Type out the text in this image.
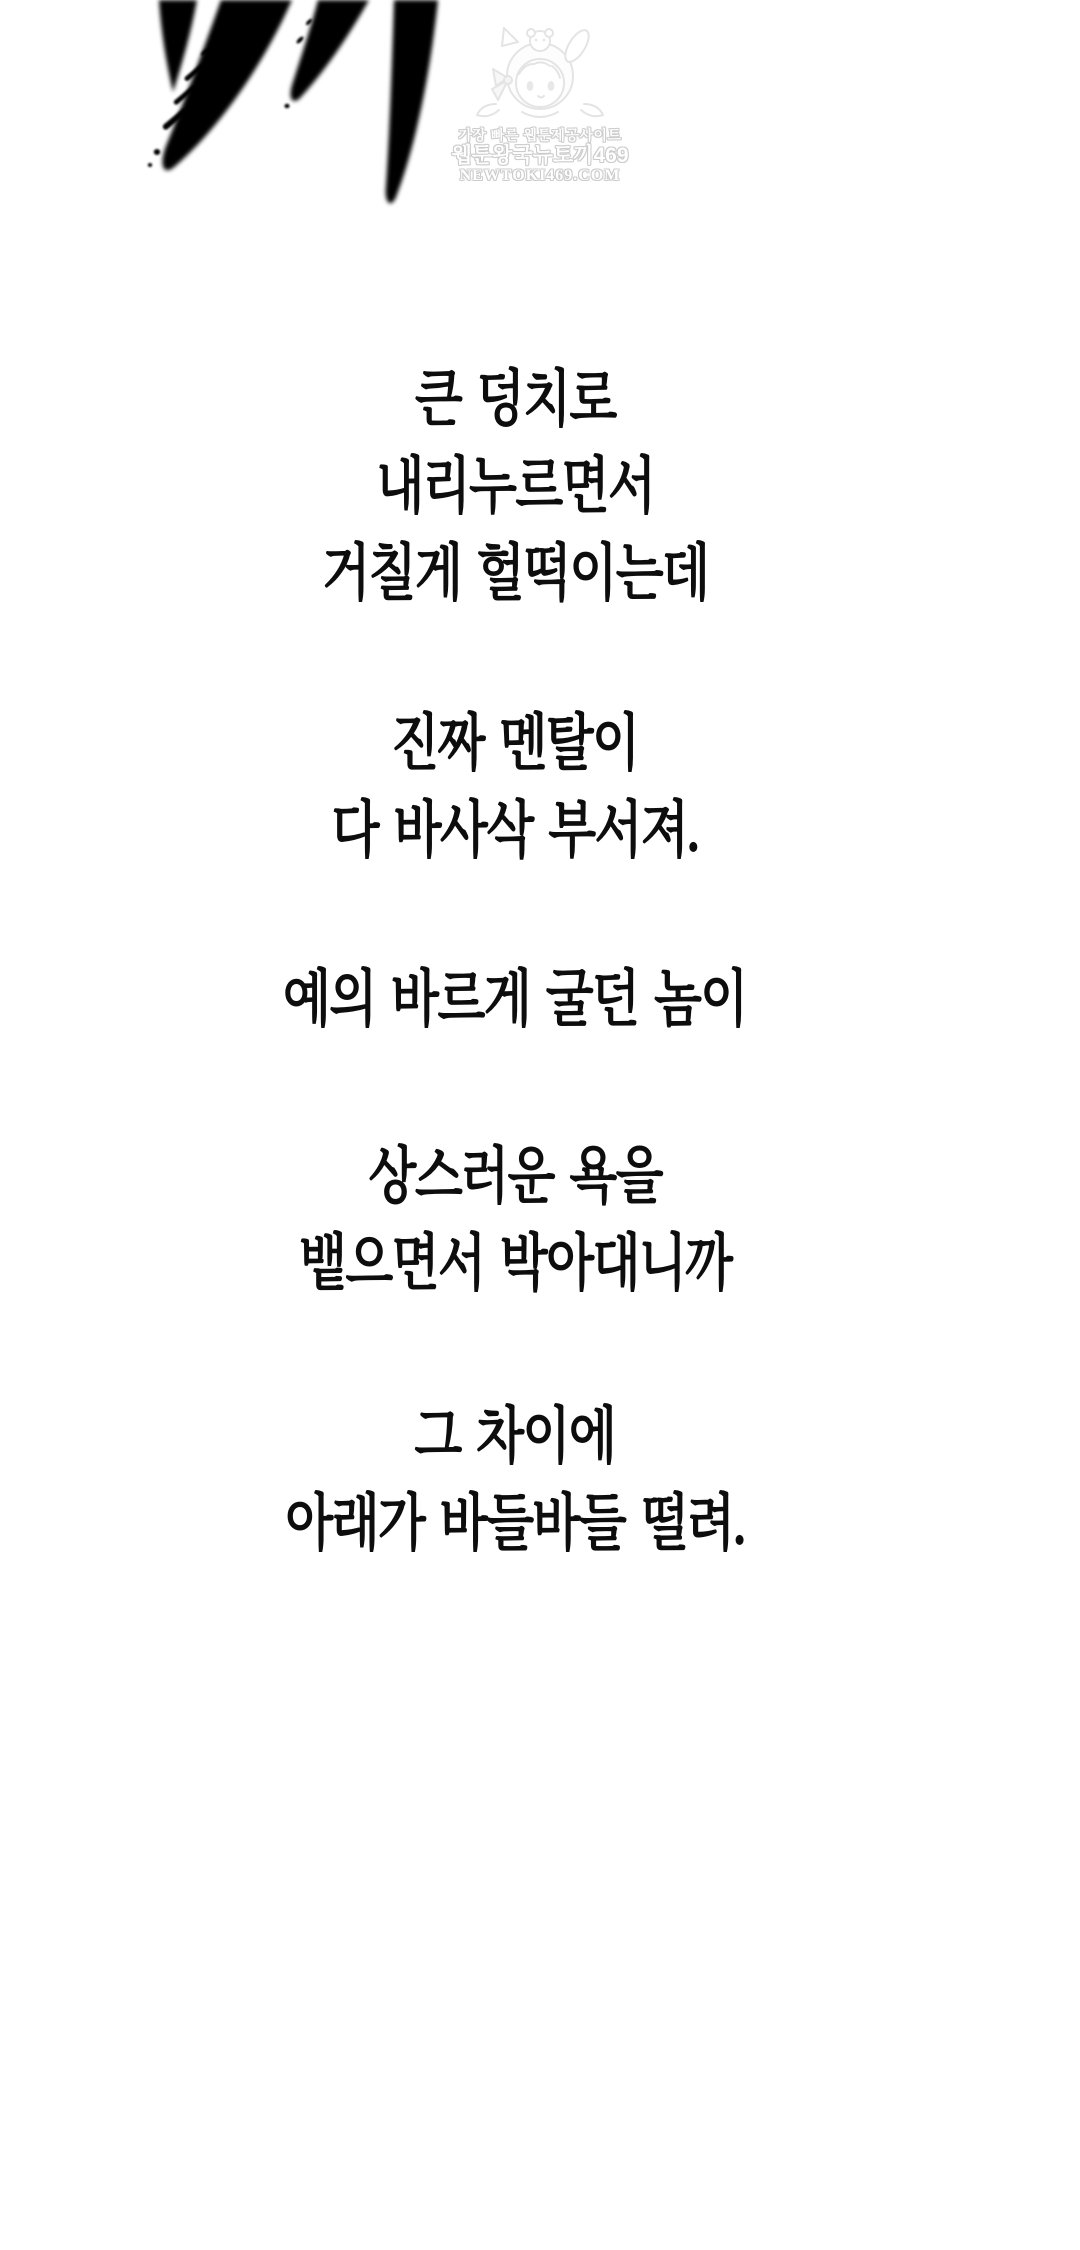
가장 빠른 웹툰제공사이트
웹툰왕국뉴토끼469
NEWTOKI469.COM
큰 덩치로
내리누르면서
거칠게 헐떡이는데
진짜 멘탈이
다 바사삭 부서져.
예의 바르게 굴던 놈이
상스러운 욕을
뱉으면서 박아대니까
그 차이에
아래가 바들바들 떨려.
